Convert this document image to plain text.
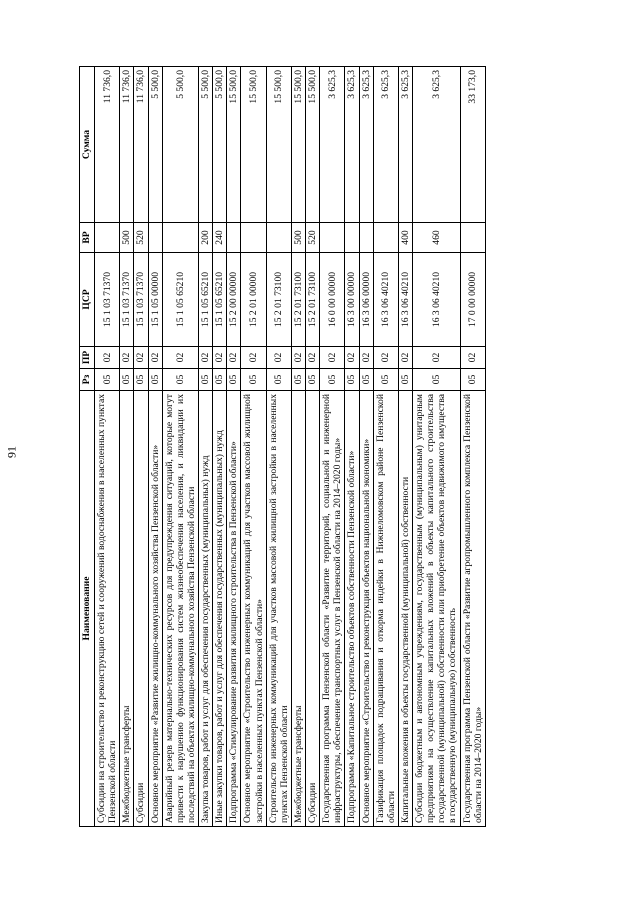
91
Наименование	Рз	ПР	ЦСР	ВР	Сумма
Субсидии на строительство и реконструкцию сетей и сооружений водоснабжения в населенных пунктах Пензенской области	05	02	15 1 03 71370		11 736,0
Межбюджетные трансферты	05	02	15 1 03 71370	500	11 736,0
Субсидии	05	02	15 1 03 71370	520	11 736,0
Основное мероприятие «Развитие жилищно-коммунального хозяйства Пензенской области»	05	02	15 1 05 00000		5 500,0
Аварийный резерв материально-технических ресурсов для предупреждения ситуаций, которые могут привести к нарушению функционирования систем жизнеобеспечения населения, и ликвидации их последствий на объектах жилищно-коммунального хозяйства Пензенской области	05	02	15 1 05 65210		5 500,0
Закупка товаров, работ и услуг для обеспечения государственных (муниципальных) нужд	05	02	15 1 05 65210	200	5 500,0
Иные закупки товаров, работ и услуг для обеспечения государственных (муниципальных) нужд	05	02	15 1 05 65210	240	5 500,0
Подпрограмма «Стимулирование развития жилищного строительства в Пензенской области»	05	02	15 2 00 00000		15 500,0
Основное мероприятие «Строительство инженерных коммуникаций для участков массовой жилищной застройки в населенных пунктах Пензенской области»	05	02	15 2 01 00000		15 500,0
Строительство инженерных коммуникаций для участков массовой жилищной застройки в населенных пунктах Пензенской области	05	02	15 2 01 73100		15 500,0
Межбюджетные трансферты	05	02	15 2 01 73100	500	15 500,0
Субсидии	05	02	15 2 01 73100	520	15 500,0
Государственная программа Пензенской области «Развитие территорий, социальной и инженерной инфраструктуры, обеспечение транспортных услуг в Пензенской области на 2014–2020 годы»	05	02	16 0 00 00000		3 625,3
Подпрограмма «Капитальное строительство объектов собственности Пензенской области»	05	02	16 3 00 00000		3 625,3
Основное мероприятие «Строительство и реконструкция объектов национальной экономики»	05	02	16 3 06 00000		3 625,3
Газификация площадок подращивания и откорма индейки в Нижнеломовском районе Пензенской области	05	02	16 3 06 40210		3 625,3
Капитальные вложения в объекты государственной (муниципальной) собственности	05	02	16 3 06 40210	400	3 625,3
Субсидии бюджетным и автономным учреждениям, государственным (муниципальным) унитарным предприятиям на осуществление капитальных вложений в объекты капитального строительства государственной (муниципальной) собственности или приобретение объектов недвижимого имущества в государственную (муниципальную) собственность	05	02	16 3 06 40210	460	3 625,3
Государственная программа Пензенской области «Развитие агропромышленного комплекса Пензенской области на 2014–2020 годы»	05	02	17 0 00 00000		33 173,0
